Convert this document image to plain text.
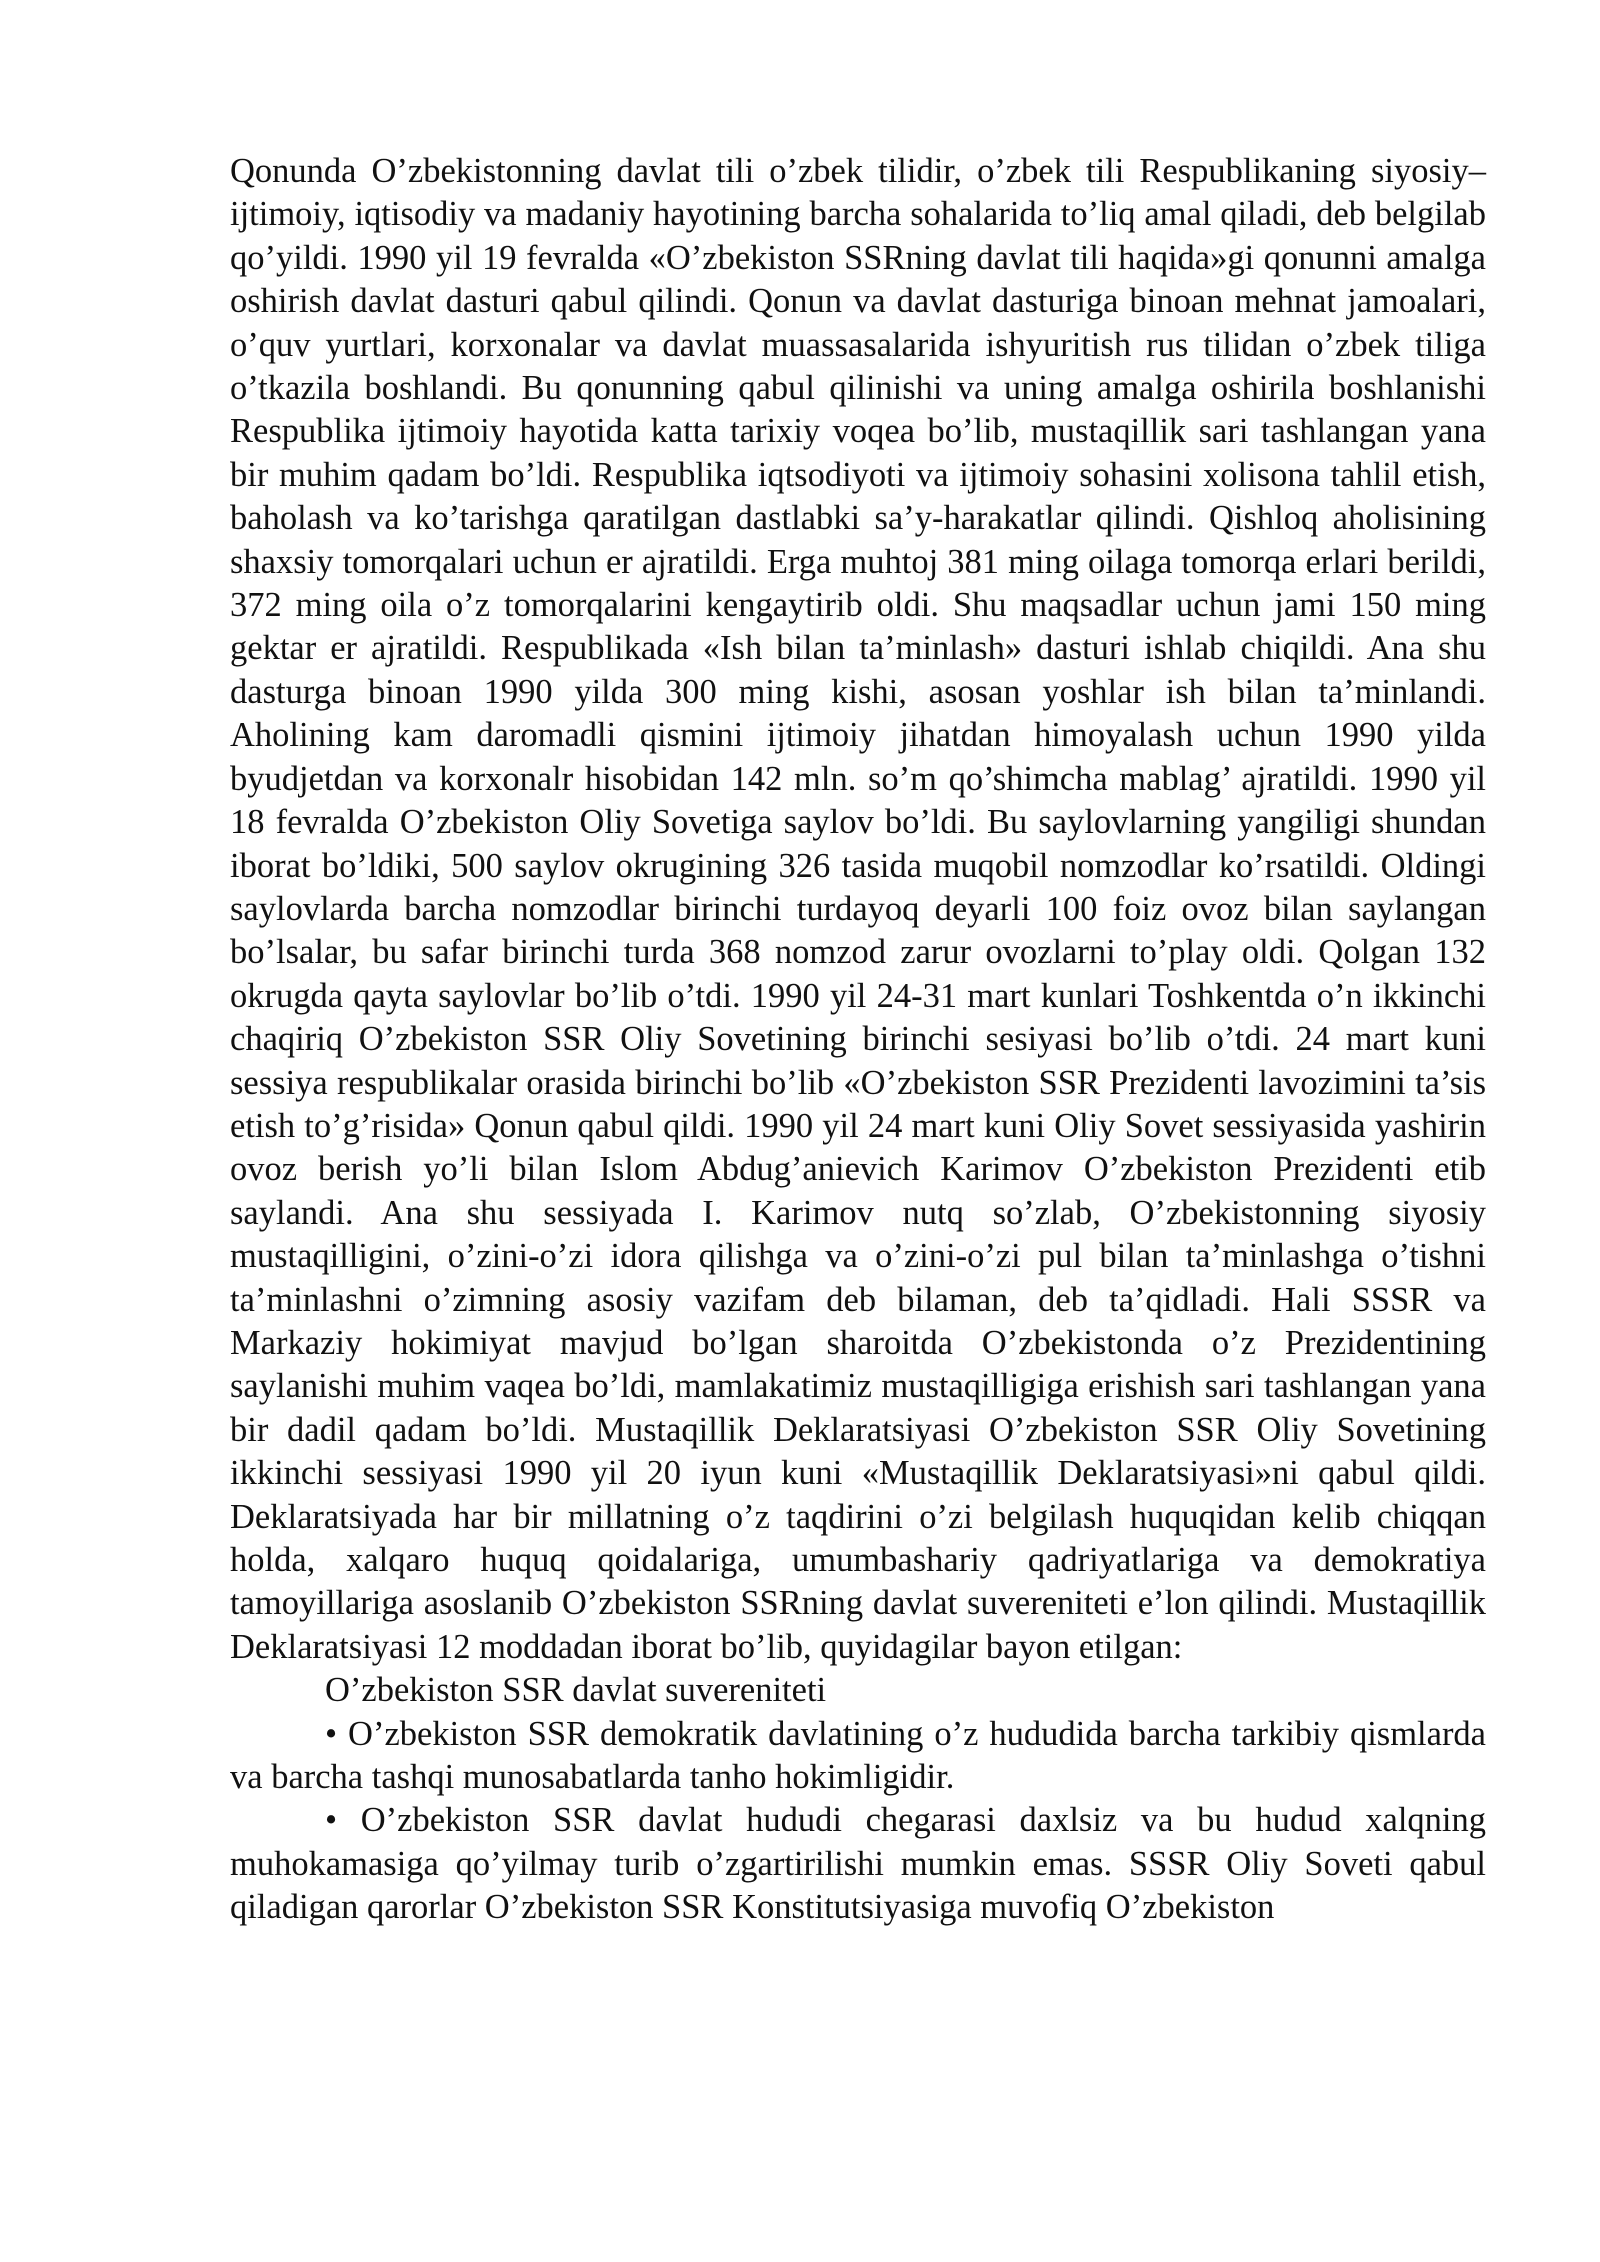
Qonunda O’zbekistonning davlat tili o’zbek tilidir, o’zbek tili Respublikaning siyosiy–ijtimoiy, iqtisodiy va madaniy hayotining barcha sohalarida to’liq amal qiladi, deb belgilab qo’yildi. 1990 yil 19 fevralda «O’zbekiston SSRning davlat tili haqida»gi qonunni amalga oshirish davlat dasturi qabul qilindi. Qonun va davlat dasturiga binoan mehnat jamoalari, o’quv yurtlari, korxonalar va davlat muassasalarida ishyuritish rus tilidan o’zbek tiliga o’tkazila boshlandi. Bu qonunning qabul qilinishi va uning amalga oshirila boshlanishi Respublika ijtimoiy hayotida katta tarixiy voqea bo’lib, mustaqillik sari tashlangan yana bir muhim qadam bo’ldi. Respublika iqtsodiyoti va ijtimoiy sohasini xolisona tahlil etish, baholash va ko’tarishga qaratilgan dastlabki sa’y-harakatlar qilindi. Qishloq aholisining shaxsiy tomorqalari uchun er ajratildi. Erga muhtoj 381 ming oilaga tomorqa erlari berildi, 372 ming oila o’z tomorqalarini kengaytirib oldi. Shu maqsadlar uchun jami 150 ming gektar er ajratildi. Respublikada «Ish bilan ta’minlash» dasturi ishlab chiqildi. Ana shu dasturga binoan 1990 yilda 300 ming kishi, asosan yoshlar ish bilan ta’minlandi. Aholining kam daromadli qismini ijtimoiy jihatdan himoyalash uchun 1990 yilda byudjetdan va korxonalr hisobidan 142 mln. so’m qo’shimcha mablag’ ajratildi. 1990 yil 18 fevralda O’zbekiston Oliy Sovetiga saylov bo’ldi. Bu saylovlarning yangiligi shundan iborat bo’ldiki, 500 saylov okrugining 326 tasida muqobil nomzodlar ko’rsatildi. Oldingi saylovlarda barcha nomzodlar birinchi turdayoq deyarli 100 foiz ovoz bilan saylangan bo’lsalar, bu safar birinchi turda 368 nomzod zarur ovozlarni to’play oldi. Qolgan 132 okrugda qayta saylovlar bo’lib o’tdi. 1990 yil 24-31 mart kunlari Toshkentda o’n ikkinchi chaqiriq O’zbekiston SSR Oliy Sovetining birinchi sesiyasi bo’lib o’tdi. 24 mart kuni sessiya respublikalar orasida birinchi bo’lib «O’zbekiston SSR Prezidenti lavozimini ta’sis etish to’g’risida» Qonun qabul qildi. 1990 yil 24 mart kuni Oliy Sovet sessiyasida yashirin ovoz berish yo’li bilan Islom Abdug’anievich Karimov O’zbekiston Prezidenti etib saylandi. Ana shu sessiyada I. Karimov nutq so’zlab, O’zbekistonning siyosiy mustaqilligini, o’zini-o’zi idora qilishga va o’zini-o’zi pul bilan ta’minlashga o’tishni ta’minlashni o’zimning asosiy vazifam deb bilaman, deb ta’qidladi. Hali SSSR va Markaziy hokimiyat mavjud bo’lgan sharoitda O’zbekistonda o’z Prezidentining saylanishi muhim vaqea bo’ldi, mamlakatimiz mustaqilligiga erishish sari tashlangan yana bir dadil qadam bo’ldi. Mustaqillik Deklaratsiyasi O’zbekiston SSR Oliy Sovetining ikkinchi sessiyasi 1990 yil 20 iyun kuni «Mustaqillik Deklaratsiyasi»ni qabul qildi. Deklaratsiyada har bir millatning o’z taqdirini o’zi belgilash huquqidan kelib chiqqan holda, xalqaro huquq qoidalariga, umumbashariy qadriyatlariga va demokratiya tamoyillariga asoslanib O’zbekiston SSRning davlat suvereniteti e’lon qilindi. Mustaqillik Deklaratsiyasi 12 moddadan iborat bo’lib, quyidagilar bayon etilgan:

O’zbekiston SSR davlat suvereniteti

• O’zbekiston SSR demokratik davlatining o’z hududida barcha tarkibiy qismlarda va barcha tashqi munosabatlarda tanho hokimligidir.

• O’zbekiston SSR davlat hududi chegarasi daxlsiz va bu hudud xalqning muhokamasiga qo’yilmay turib o’zgartirilishi mumkin emas. SSSR Oliy Soveti qabul qiladigan qarorlar O’zbekiston SSR Konstitutsiyasiga muvofiq O’zbekiston
